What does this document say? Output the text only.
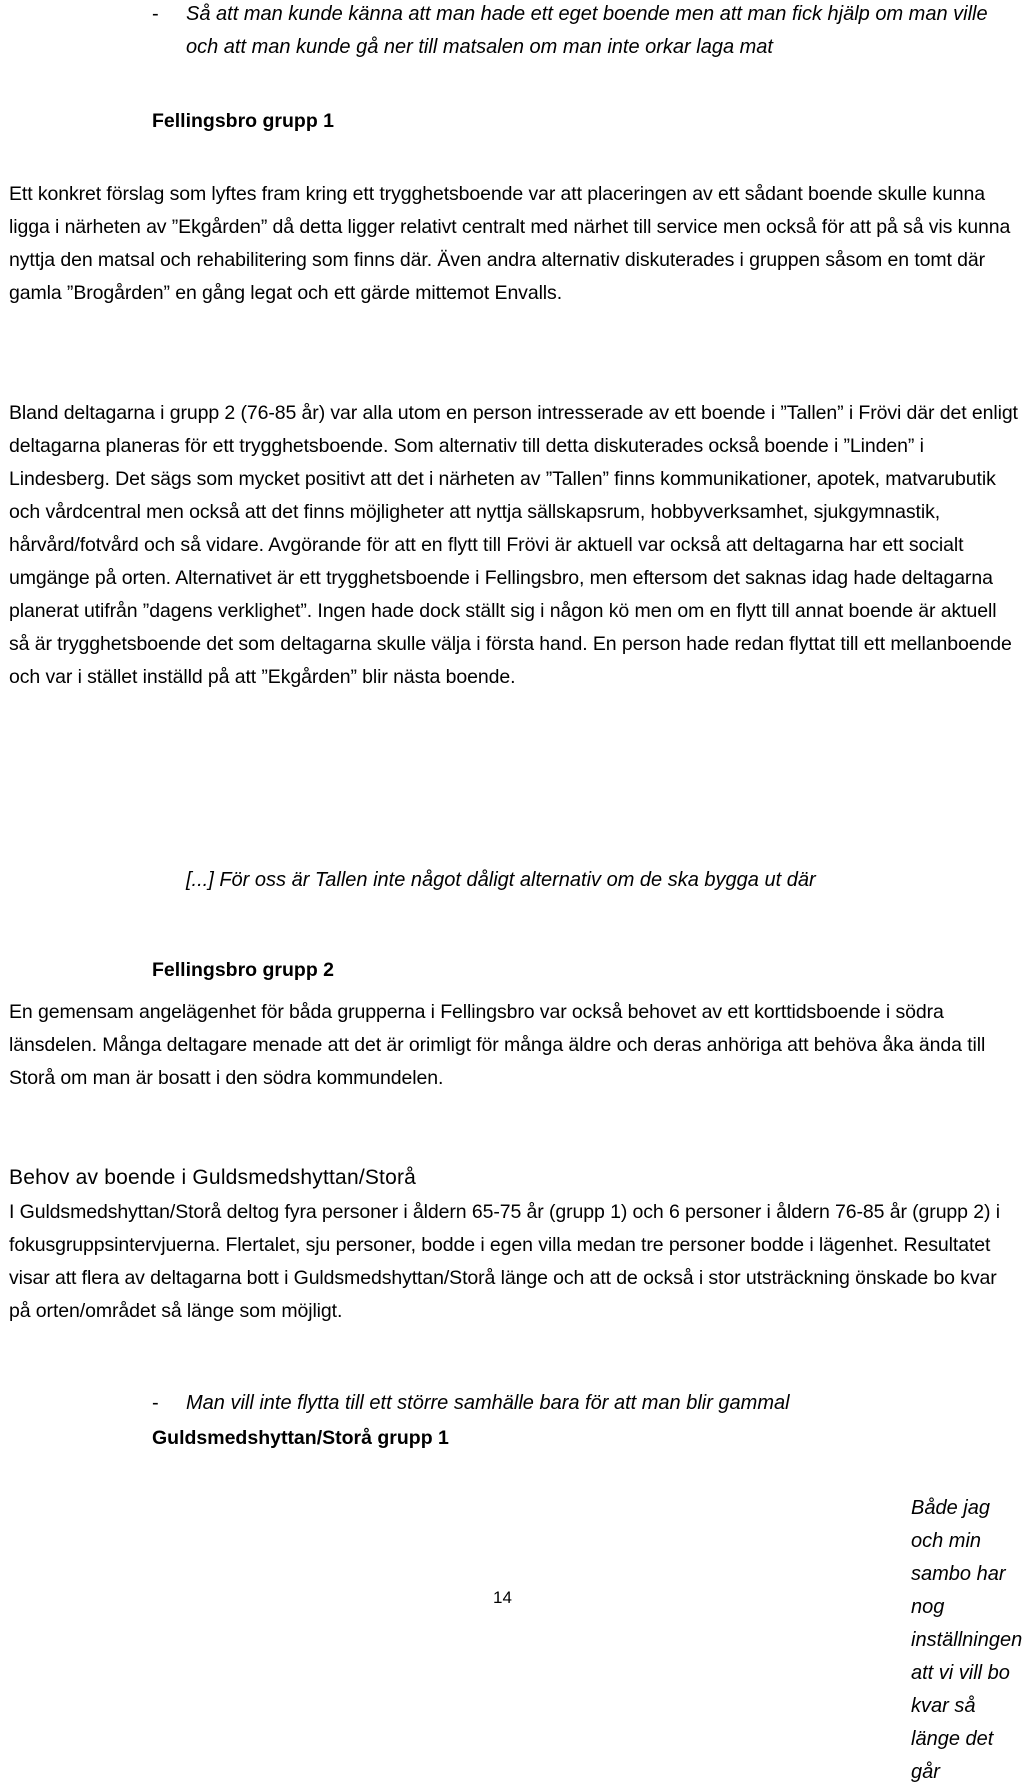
- Så att man kunde känna att man hade ett eget boende men att man fick hjälp om man ville och att man kunde gå ner till matsalen om man inte orkar laga mat
Fellingsbro grupp 1

Ett konkret förslag som lyftes fram kring ett trygghetsboende var att placeringen av ett sådant boende skulle kunna ligga i närheten av ”Ekgården” då detta ligger relativt centralt med närhet till service men också för att på så vis kunna nyttja den matsal och rehabilitering som finns där. Även andra alternativ diskuterades i gruppen såsom en tomt där gamla ”Brogården” en gång legat och ett gärde mittemot Envalls.

Bland deltagarna i grupp 2 (76-85 år) var alla utom en person intresserade av ett boende i ”Tallen” i Frövi där det enligt deltagarna planeras för ett trygghetsboende. Som alternativ till detta diskuterades också boende i ”Linden” i Lindesberg. Det sägs som mycket positivt att det i närheten av ”Tallen” finns kommunikationer, apotek, matvarubutik och vårdcentral men också att det finns möjligheter att nyttja sällskapsrum, hobbyverksamhet, sjukgymnastik, hårvård/fotvård och så vidare. Avgörande för att en flytt till Frövi är aktuell var också att deltagarna har ett socialt umgänge på orten. Alternativet är ett trygghetsboende i Fellingsbro, men eftersom det saknas idag hade deltagarna planerat utifrån ”dagens verklighet”. Ingen hade dock ställt sig i någon kö men om en flytt till annat boende är aktuell så är trygghetsboende det som deltagarna skulle välja i första hand. En person hade redan flyttat till ett mellanboende och var i stället inställd på att ”Ekgården” blir nästa boende.

[...] För oss är Tallen inte något dåligt alternativ om de ska bygga ut där
Fellingsbro grupp 2

En gemensam angelägenhet för båda grupperna i Fellingsbro var också behovet av ett korttidsboende i södra länsdelen. Många deltagare menade att det är orimligt för många äldre och deras anhöriga att behöva åka ända till Storå om man är bosatt i den södra kommundelen.

Behov av boende i Guldsmedshyttan/Storå

I Guldsmedshyttan/Storå deltog fyra personer i åldern 65-75 år (grupp 1) och 6 personer i åldern 76-85 år (grupp 2) i fokusgruppsintervjuerna. Flertalet, sju personer, bodde i egen villa medan tre personer bodde i lägenhet. Resultatet visar att flera av deltagarna bott i Guldsmedshyttan/Storå länge och att de också i stor utsträckning önskade bo kvar på orten/området så länge som möjligt.

- Man vill inte flytta till ett större samhälle bara för att man blir gammal
Guldsmedshyttan/Storå grupp 1
Både jag och min sambo har nog inställningen att vi vill bo kvar så länge det går
14
